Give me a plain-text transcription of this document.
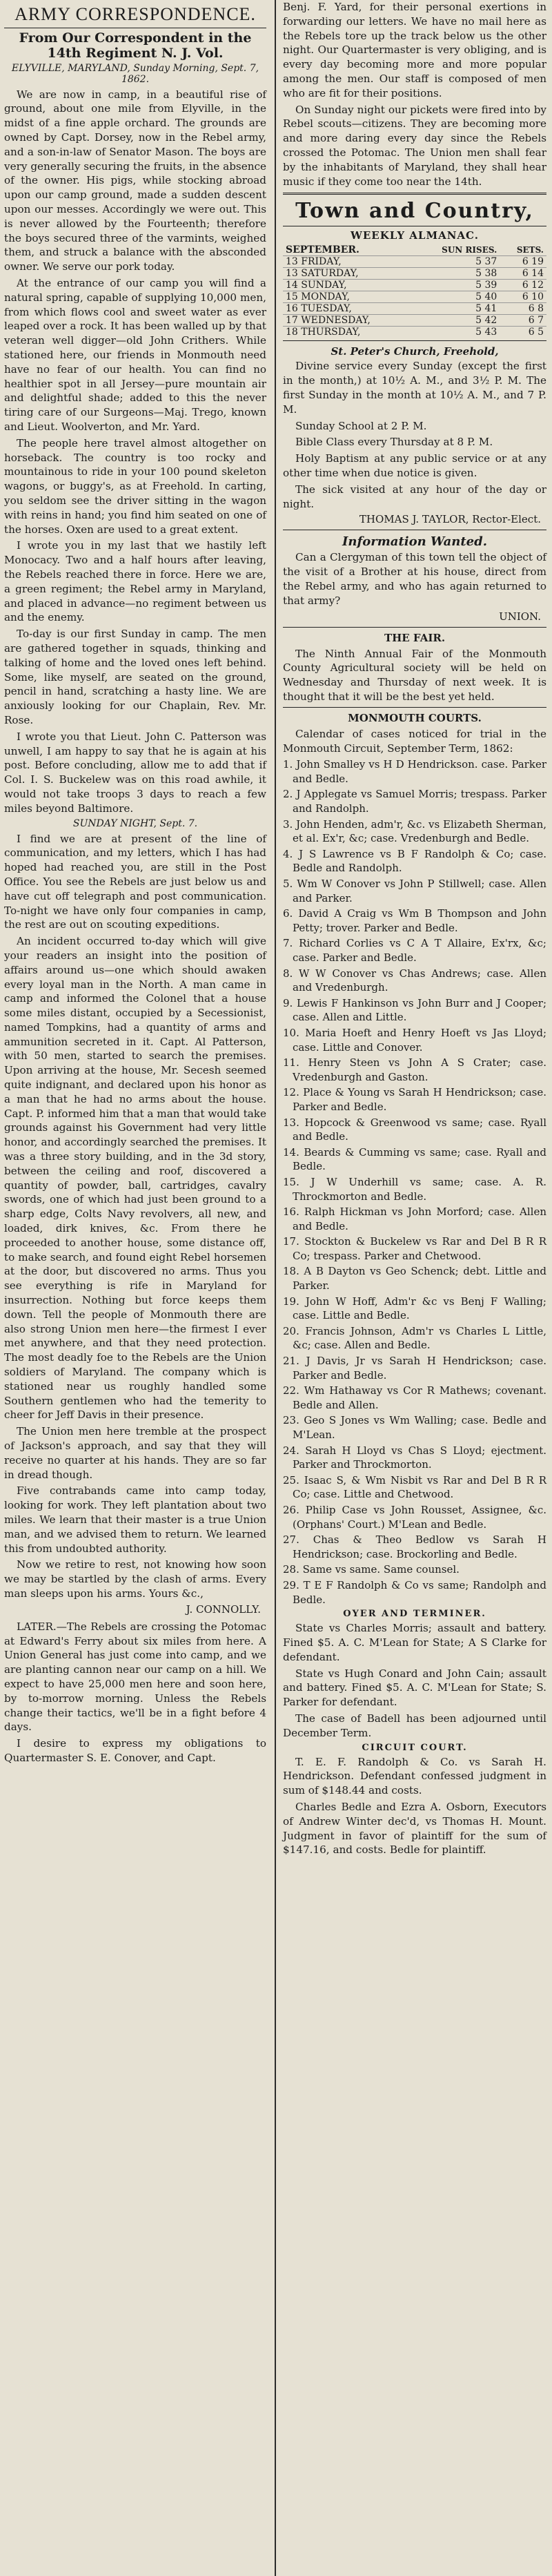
ARMY CORRESPONDENCE.
From Our Correspondent in the 14th Regiment N. J. Vol.
ELYVILLE, MARYLAND, Sunday Morning, Sept. 7, 1862.

We are now in camp, in a beautiful rise of ground, about one mile from Elyville, in the midst of a fine apple orchard. The grounds are owned by Capt. Dorsey, now in the Rebel army, and a son-in-law of Senator Mason. The boys are very generally securing the fruits, in the absence of the owner. His pigs, while stocking abroad upon our camp ground, made a sudden descent upon our messes. Accordingly we were out. This is never allowed by the Fourteenth; therefore the boys secured three of the varmints, weighed them, and struck a balance with the absconded owner. We serve our pork today.

At the entrance of our camp you will find a natural spring, capable of supplying 10,000 men, from which flows cool and sweet water as ever leaped over a rock. It has been walled up by that veteran well digger—old John Crithers. While stationed here, our friends in Monmouth need have no fear of our health. You can find no healthier spot in all Jersey—pure mountain air and delightful shade; added to this the never tiring care of our Surgeons—Maj. Trego, known and Lieut. Woolverton, and Mr. Yard.

The people here travel almost altogether on horseback. The country is too rocky and mountainous to ride in your 100 pound skeleton wagons, or buggy's, as at Freehold. In carting, you seldom see the driver sitting in the wagon with reins in hand; you find him seated on one of the horses. Oxen are used to a great extent.

I wrote you in my last that we hastily left Monocacy. Two and a half hours after leaving, the Rebels reached there in force. Here we are, a green regiment; the Rebel army in Maryland, and placed in advance—no regiment between us and the enemy.

To-day is our first Sunday in camp. The men are gathered together in squads, thinking and talking of home and the loved ones left behind. Some, like myself, are seated on the ground, pencil in hand, scratching a hasty line. We are anxiously looking for our Chaplain, Rev. Mr. Rose.

I wrote you that Lieut. John C. Patterson was unwell, I am happy to say that he is again at his post. Before concluding, allow me to add that if Col. I. S. Buckelew was on this road awhile, it would not take troops 3 days to reach a few miles beyond Baltimore.

SUNDAY NIGHT, Sept. 7.

I find we are at present of the line of communication, and my letters, which I has had hoped had reached you, are still in the Post Office. You see the Rebels are just below us and have cut off telegraph and post communication. To-night we have only four companies in camp, the rest are out on scouting expeditions.

An incident occurred to-day which will give your readers an insight into the position of affairs around us—one which should awaken every loyal man in the North. A man came in camp and informed the Colonel that a house some miles distant, occupied by a Secessionist, named Tompkins, had a quantity of arms and ammunition secreted in it. Capt. Al Patterson, with 50 men, started to search the premises. Upon arriving at the house, Mr. Secesh seemed quite indignant, and declared upon his honor as a man that he had no arms about the house. Capt. P. informed him that a man that would take grounds against his Government had very little honor, and accordingly searched the premises. It was a three story building, and in the 3d story, between the ceiling and roof, discovered a quantity of powder, ball, cartridges, cavalry swords, one of which had just been ground to a sharp edge, Colts Navy revolvers, all new, and loaded, dirk knives, &c. From there he proceeded to another house, some distance off, to make search, and found eight Rebel horsemen at the door, but discovered no arms. Thus you see everything is rife in Maryland for insurrection. Nothing but force keeps them down. Tell the people of Monmouth there are also strong Union men here—the firmest I ever met anywhere, and that they need protection. The most deadly foe to the Rebels are the Union soldiers of Maryland. The company which is stationed near us roughly handled some Southern gentlemen who had the temerity to cheer for Jeff Davis in their presence.

The Union men here tremble at the prospect of Jackson's approach, and say that they will receive no quarter at his hands. They are so far in dread though.

Five contrabands came into camp today, looking for work. They left plantation about two miles. We learn that their master is a true Union man, and we advised them to return. We learned this from undoubted authority.

Now we retire to rest, not knowing how soon we may be startled by the clash of arms. Every man sleeps upon his arms. Yours &c.,

J. CONNOLLY.

LATER.—The Rebels are crossing the Potomac at Edward's Ferry about six miles from here. A Union General has just come into camp, and we are planting cannon near our camp on a hill. We expect to have 25,000 men here and soon here, by to-morrow morning. Unless the Rebels change their tactics, we'll be in a fight before 4 days.

I desire to express my obligations to Quartermaster S. E. Conover, and Capt.

Benj. F. Yard, for their personal exertions in forwarding our letters. We have no mail here as the Rebels tore up the track below us the other night. Our Quartermaster is very obliging, and is every day becoming more and more popular among the men. Our staff is composed of men who are fit for their positions.

On Sunday night our pickets were fired into by Rebel scouts—citizens. They are becoming more and more daring every day since the Rebels crossed the Potomac. The Union men shall fear by the inhabitants of Maryland, they shall hear music if they come too near the 14th.

Town and Country,
WEEKLY ALMANAC.
SEPTEMBER.	SUN RISES.	SETS.
13 FRIDAY,	5 37	6 19
13 SATURDAY,	5 38	6 14
14 SUNDAY,	5 39	6 12
15 MONDAY,	5 40	6 10
16 TUESDAY,	5 41	6 8
17 WEDNESDAY,	5 42	6 7
18 THURSDAY,	5 43	6 5
St. Peter's Church, Freehold,

Divine service every Sunday (except the first in the month,) at 10½ A. M., and 3½ P. M. The first Sunday in the month at 10½ A. M., and 7 P. M.

Sunday School at 2 P. M.

Bible Class every Thursday at 8 P. M.

Holy Baptism at any public service or at any other time when due notice is given.

The sick visited at any hour of the day or night.

THOMAS J. TAYLOR, Rector-Elect.
Information Wanted.

Can a Clergyman of this town tell the object of the visit of a Brother at his house, direct from the Rebel army, and who has again returned to that army?

UNION.
THE FAIR.

The Ninth Annual Fair of the Monmouth County Agricultural society will be held on Wednesday and Thursday of next week. It is thought that it will be the best yet held.

MONMOUTH COURTS.

Calendar of cases noticed for trial in the Monmouth Circuit, September Term, 1862:

1. John Smalley vs H D Hendrickson. case. Parker and Bedle.
2. J Applegate vs Samuel Morris; trespass. Parker and Randolph.
3. John Henden, adm'r, &c. vs Elizabeth Sherman, et al. Ex'r, &c; case. Vredenburgh and Bedle.
4. J S Lawrence vs B F Randolph & Co; case. Bedle and Randolph.
5. Wm W Conover vs John P Stillwell; case. Allen and Parker.
6. David A Craig vs Wm B Thompson and John Petty; trover. Parker and Bedle.
7. Richard Corlies vs C A T Allaire, Ex'rx, &c; case. Parker and Bedle.
8. W W Conover vs Chas Andrews; case. Allen and Vredenburgh.
9. Lewis F Hankinson vs John Burr and J Cooper; case. Allen and Little.
10. Maria Hoeft and Henry Hoeft vs Jas Lloyd; case. Little and Conover.
11. Henry Steen vs John A S Crater; case. Vredenburgh and Gaston.
12. Place & Young vs Sarah H Hendrickson; case. Parker and Bedle.
13. Hopcock & Greenwood vs same; case. Ryall and Bedle.
14. Beards & Cumming vs same; case. Ryall and Bedle.
15. J W Underhill vs same; case. A. R. Throckmorton and Bedle.
16. Ralph Hickman vs John Morford; case. Allen and Bedle.
17. Stockton & Buckelew vs Rar and Del B R R Co; trespass. Parker and Chetwood.
18. A B Dayton vs Geo Schenck; debt. Little and Parker.
19. John W Hoff, Adm'r &c vs Benj F Walling; case. Little and Bedle.
20. Francis Johnson, Adm'r vs Charles L Little, &c; case. Allen and Bedle.
21. J Davis, Jr vs Sarah H Hendrickson; case. Parker and Bedle.
22. Wm Hathaway vs Cor R Mathews; covenant. Bedle and Allen.
23. Geo S Jones vs Wm Walling; case. Bedle and M'Lean.
24. Sarah H Lloyd vs Chas S Lloyd; ejectment. Parker and Throckmorton.
25. Isaac S, & Wm Nisbit vs Rar and Del B R R Co; case. Little and Chetwood.
26. Philip Case vs John Rousset, Assignee, &c. (Orphans' Court.) M'Lean and Bedle.
27. Chas & Theo Bedlow vs Sarah H Hendrickson; case. Brockorling and Bedle.
28. Same vs same. Same counsel.
29. T E F Randolph & Co vs same; Randolph and Bedle.
OYER AND TERMINER.

State vs Charles Morris; assault and battery. Fined $5. A. C. M'Lean for State; A S Clarke for defendant.

State vs Hugh Conard and John Cain; assault and battery. Fined $5. A. C. M'Lean for State; S. Parker for defendant.

The case of Badell has been adjourned until December Term.

CIRCUIT COURT.

T. E. F. Randolph & Co. vs Sarah H. Hendrickson. Defendant confessed judgment in sum of $148.44 and costs.

Charles Bedle and Ezra A. Osborn, Executors of Andrew Winter dec'd, vs Thomas H. Mount. Judgment in favor of plaintiff for the sum of $147.16, and costs. Bedle for plaintiff.
